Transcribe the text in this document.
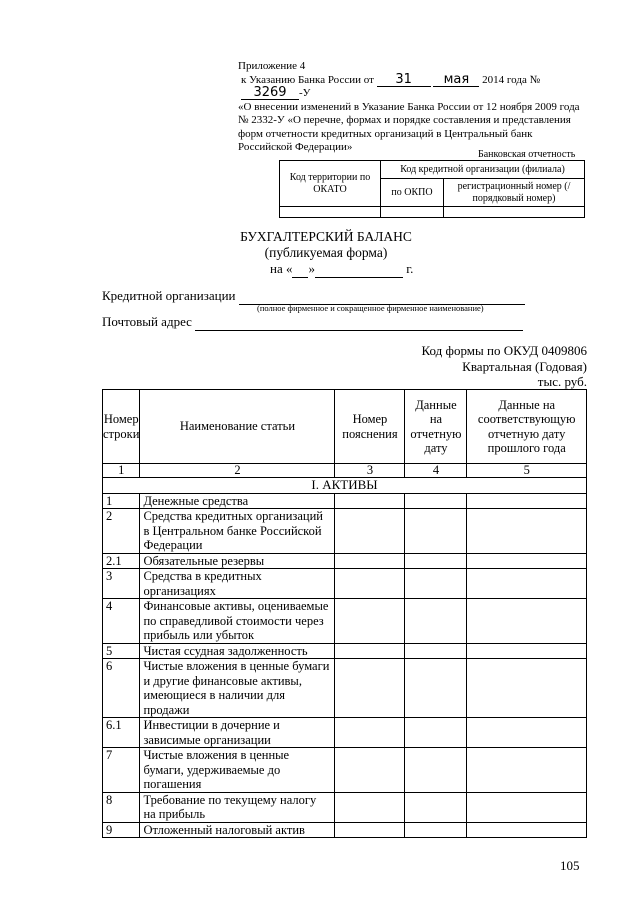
Приложение 4
к Указанию Банка России от 31 мая 2014 года № 3269 -У
«О внесении изменений в Указание Банка России от 12 ноября 2009 года
№ 2332-У «О перечне, формах и порядке составления и представления
форм отчетности кредитных организаций в Центральный банк
Российской Федерации»
Банковская отчетность
Код территории по ОКАТО	Код кредитной организации (филиала)	
	по ОКПО	регистрационный номер (/порядковый номер)

БУХГАЛТЕРСКИЙ БАЛАНС
(публикуемая форма)
на « »	г.
Кредитной организации
(полное фирменное и сокращенное фирменное наименование)
Почтовый адрес
Код формы по ОКУД 0409806
Квартальная (Годовая)
тыс. руб.
Номер строки	Наименование статьи	Номер пояснения	Данные на отчетную дату	Данные на соответствующую отчетную дату прошлого года
1	2	3	4	5
I. АКТИВЫ				
1	Денежные средства			
2	Средства кредитных организаций в Центральном банке Российской Федерации			
2.1	Обязательные резервы			
3	Средства в кредитных организациях			
4	Финансовые активы, оцениваемые по справедливой стоимости через прибыль или убыток			
5	Чистая ссудная задолженность			
6	Чистые вложения в ценные бумаги и другие финансовые активы, имеющиеся в наличии для продажи			
6.1	Инвестиции в дочерние и зависимые организации			
7	Чистые вложения в ценные бумаги, удерживаемые до погашения			
8	Требование по текущему налогу на прибыль			
9	Отложенный налоговый актив			
105
